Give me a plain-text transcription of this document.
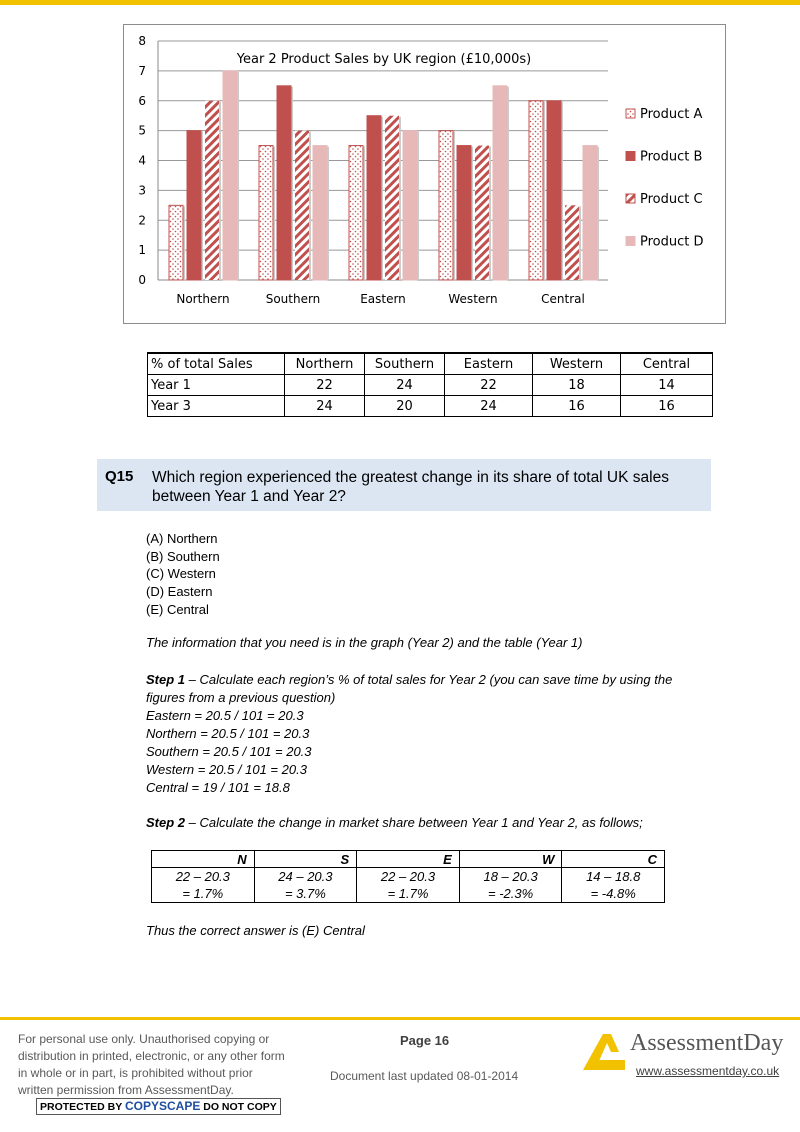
0
1
2
3
4
5
6
7
8
Northern	Southern	Eastern	Western	Central
Year 2 Product Sales by UK region (£10,000s)
Product A
Product B
Product C
Product D
% of total Sales	Northern	Southern	Eastern	Western	Central
Year 1	22	24	22	18	14
Year 3	24	20	24	16	16
Q15 Which region experienced the greatest change in its share of total UK sales between Year 1 and Year 2?
(A) Northern
(B) Southern
(C) Western
(D) Eastern
(E) Central
The information that you need is in the graph (Year 2) and the table (Year 1)
Step 1 – Calculate each region’s % of total sales for Year 2 (you can save time by using the figures from a previous question)
Eastern = 20.5 / 101 = 20.3
Northern = 20.5 / 101 = 20.3
Southern = 20.5 / 101 = 20.3
Western = 20.5 / 101 = 20.3
Central = 19 / 101 = 18.8
Step 2 – Calculate the change in market share between Year 1 and Year 2, as follows;
N	S	E	W	C
22 – 20.3	24 – 20.3	22 – 20.3	18 – 20.3	14 – 18.8
= 1.7%	= 3.7%	= 1.7%	= -2.3%	= -4.8%
Thus the correct answer is (E) Central
For personal use only. Unauthorised copying or distribution in printed, electronic, or any other form in whole or in part, is prohibited without prior written permission from AssessmentDay.
PROTECTED BY COPYSCAPE DO NOT COPY
Page 16
Document last updated 08-01-2014
AssessmentDay
www.assessmentday.co.uk
